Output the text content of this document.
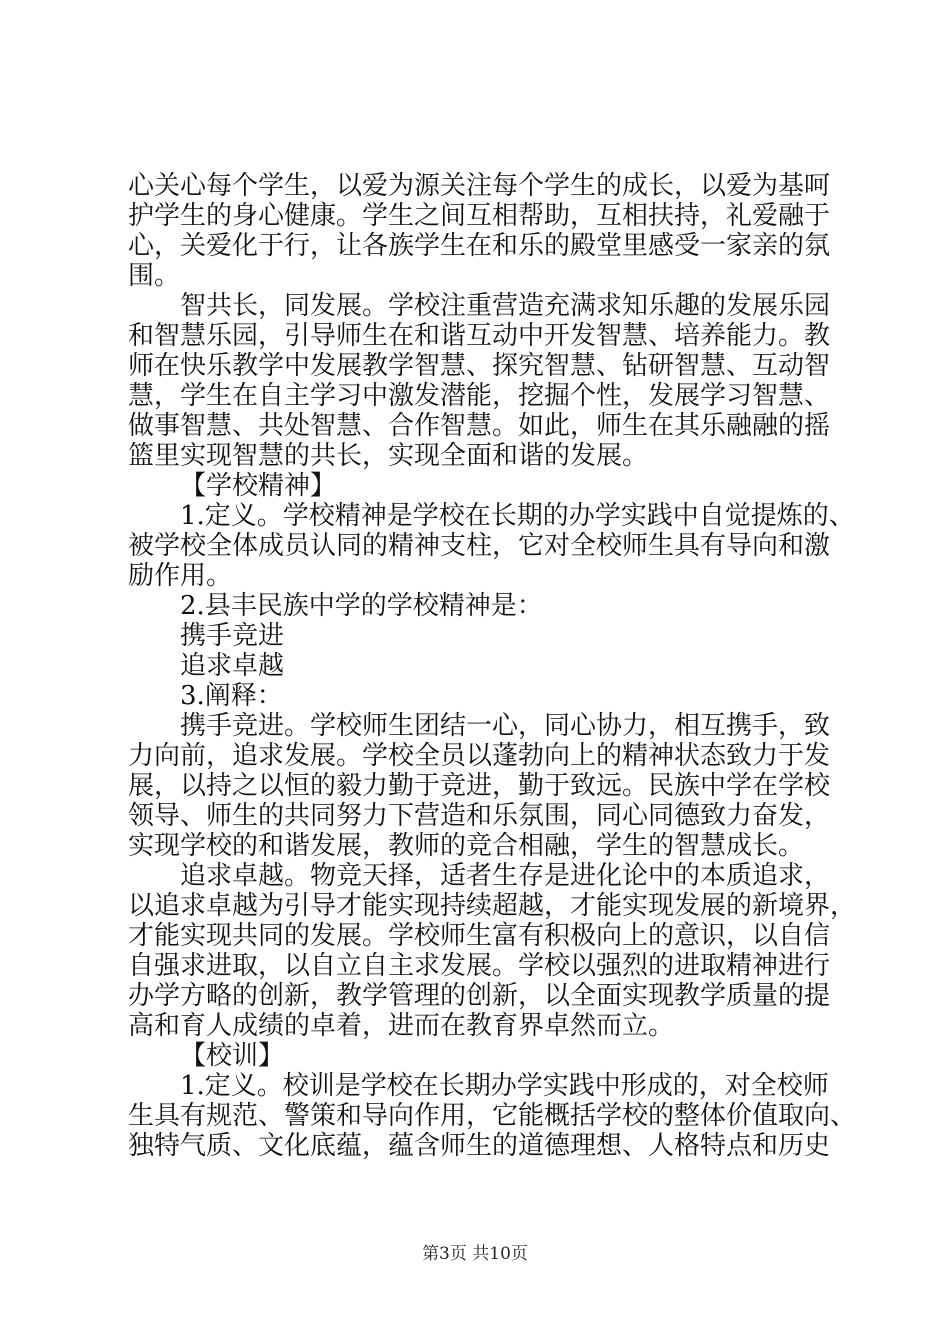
心关心每个学生，以爱为源关注每个学生的成长，以爱为基呵
护学生的身心健康。学生之间互相帮助，互相扶持，礼爱融于
心，关爱化于行，让各族学生在和乐的殿堂里感受一家亲的氛
围。
智共长，同发展。学校注重营造充满求知乐趣的发展乐园
和智慧乐园，引导师生在和谐互动中开发智慧、培养能力。教
师在快乐教学中发展教学智慧、探究智慧、钻研智慧、互动智
慧，学生在自主学习中激发潜能，挖掘个性，发展学习智慧、
做事智慧、共处智慧、合作智慧。如此，师生在其乐融融的摇
篮里实现智慧的共长，实现全面和谐的发展。
【学校精神】
1.定义。学校精神是学校在长期的办学实践中自觉提炼的、
被学校全体成员认同的精神支柱，它对全校师生具有导向和激
励作用。
2.县丰民族中学的学校精神是：
携手竞进
追求卓越
3.阐释：
携手竞进。学校师生团结一心，同心协力，相互携手，致
力向前，追求发展。学校全员以蓬勃向上的精神状态致力于发
展，以持之以恒的毅力勤于竞进，勤于致远。民族中学在学校
领导、师生的共同努力下营造和乐氛围，同心同德致力奋发，
实现学校的和谐发展，教师的竞合相融，学生的智慧成长。
追求卓越。物竞天择，适者生存是进化论中的本质追求，
以追求卓越为引导才能实现持续超越，才能实现发展的新境界，
才能实现共同的发展。学校师生富有积极向上的意识，以自信
自强求进取，以自立自主求发展。学校以强烈的进取精神进行
办学方略的创新，教学管理的创新，以全面实现教学质量的提
高和育人成绩的卓着，进而在教育界卓然而立。
【校训】
1.定义。校训是学校在长期办学实践中形成的，对全校师
生具有规范、警策和导向作用，它能概括学校的整体价值取向、
独特气质、文化底蕴，蕴含师生的道德理想、人格特点和历史
第3页 共10页
